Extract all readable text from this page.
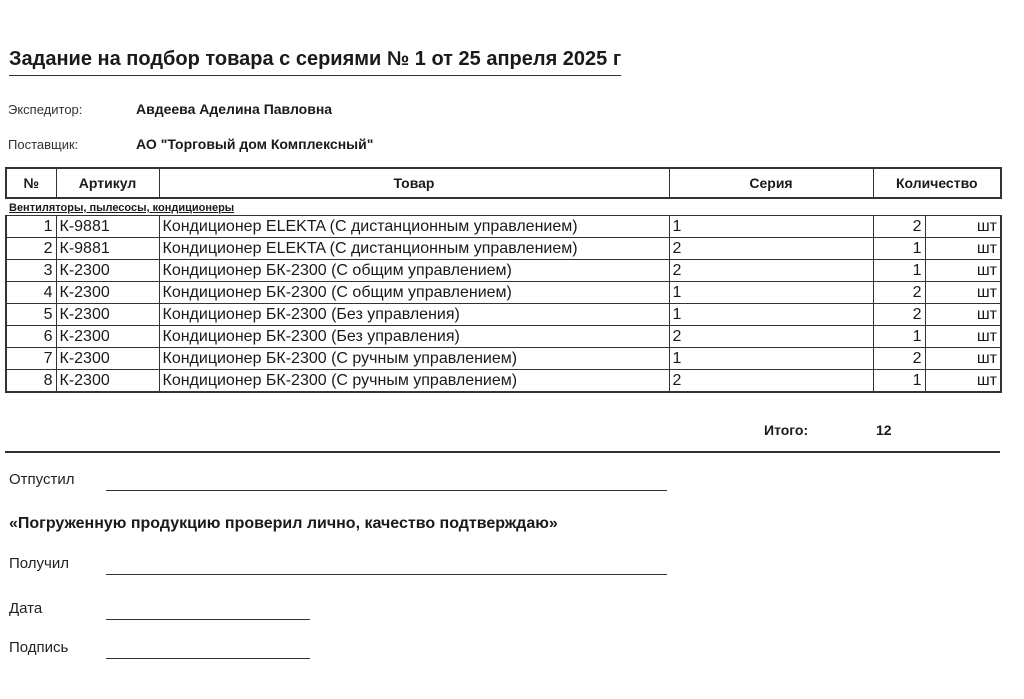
Задание на подбор товара с сериями № 1 от 25 апреля 2025 г
Экспедитор:	Авдеева Аделина Павловна
Поставщик:	АО "Торговый дом Комплексный"
№	Артикул	Товар	Серия	Количество	
Вентиляторы, пылесосы, кондиционеры					
1	К-9881	Кондиционер ELEKTA (С дистанционным управлением)	1	2	шт
2	К-9881	Кондиционер ELEKTA (С дистанционным управлением)	2	1	шт
3	К-2300	Кондиционер БК-2300 (С общим управлением)	2	1	шт
4	К-2300	Кондиционер БК-2300 (С общим управлением)	1	2	шт
5	К-2300	Кондиционер БК-2300 (Без управления)	1	2	шт
6	К-2300	Кондиционер БК-2300 (Без управления)	2	1	шт
7	К-2300	Кондиционер БК-2300 (С ручным управлением)	1	2	шт
8	К-2300	Кондиционер БК-2300 (С ручным управлением)	2	1	шт
Итого:	12
Отпустил
«Погруженную продукцию проверил лично, качество подтверждаю»
Получил
Дата
Подпись
